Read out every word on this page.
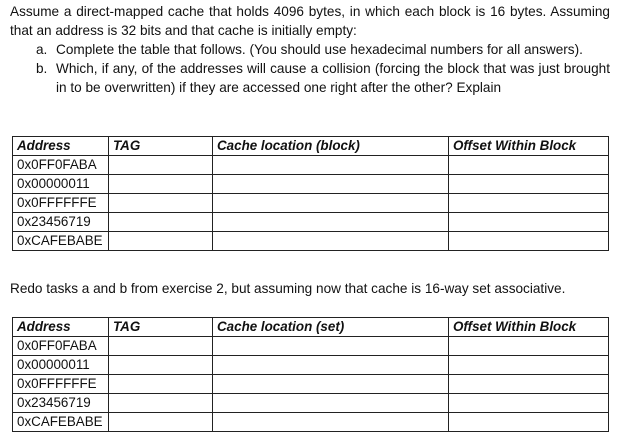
Assume a direct-mapped cache that holds 4096 bytes, in which each block is 16 bytes. Assuming that an address is 32 bits and that cache is initially empty:

a. Complete the table that follows. (You should use hexadecimal numbers for all answers).
b. Which, if any, of the addresses will cause a collision (forcing the block that was just brought in to be overwritten) if they are accessed one right after the other? Explain
Address	TAG	Cache location (block)	Offset Within Block
0x0FF0FABA			
0x00000011			
0x0FFFFFFE			
0x23456719			
0xCAFEBABE			
Redo tasks a and b from exercise 2, but assuming now that cache is 16-way set associative.
Address	TAG	Cache location (set)	Offset Within Block
0x0FF0FABA			
0x00000011			
0x0FFFFFFE			
0x23456719			
0xCAFEBABE			
